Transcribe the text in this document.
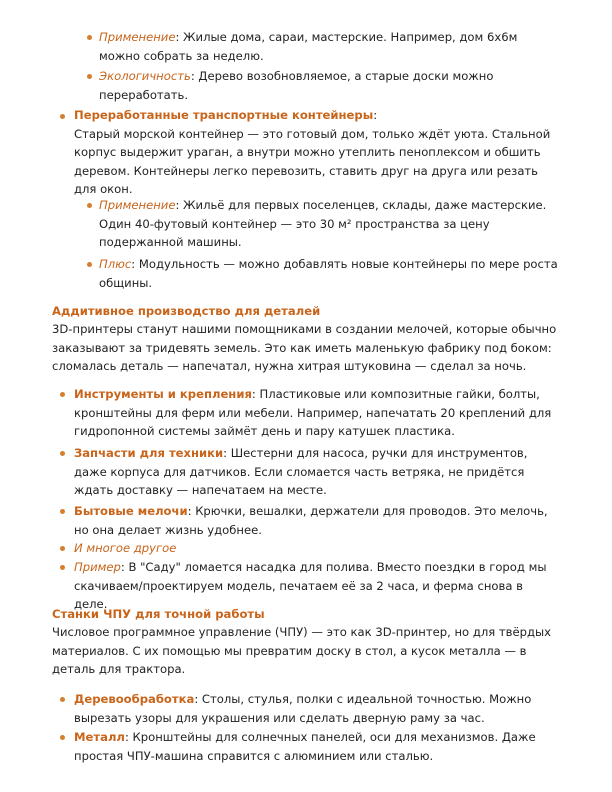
Применение: Жилые дома, сараи, мастерские. Например, дом 6x6м можно собрать за неделю.

Экологичность: Дерево возобновляемое, а старые доски можно переработать.

Переработанные транспортные контейнеры:
Старый морской контейнер — это готовый дом, только ждёт уюта. Стальной корпус выдержит ураган, а внутри можно утеплить пеноплексом и обшить деревом. Контейнеры легко перевозить, ставить друг на друга или резать для окон.

Применение: Жильё для первых поселенцев, склады, даже мастерские. Один 40-футовый контейнер — это 30 м² пространства за цену подержанной машины.

Плюс: Модульность — можно добавлять новые контейнеры по мере роста общины.

Аддитивное производство для деталей

3D-принтеры станут нашими помощниками в создании мелочей, которые обычно заказывают за тридевять земель. Это как иметь маленькую фабрику под боком: сломалась деталь — напечатал, нужна хитрая штуковина — сделал за ночь.

Инструменты и крепления: Пластиковые или композитные гайки, болты, кронштейны для ферм или мебели. Например, напечатать 20 креплений для гидропонной системы займёт день и пару катушек пластика.

Запчасти для техники: Шестерни для насоса, ручки для инструментов, даже корпуса для датчиков. Если сломается часть ветряка, не придётся ждать доставку — напечатаем на месте.

Бытовые мелочи: Крючки, вешалки, держатели для проводов. Это мелочь, но она делает жизнь удобнее.

И многое другое

Пример: В "Саду" ломается насадка для полива. Вместо поездки в город мы скачиваем/проектируем модель, печатаем её за 2 часа, и ферма снова в деле.

Станки ЧПУ для точной работы

Числовое программное управление (ЧПУ) — это как 3D-принтер, но для твёрдых материалов. С их помощью мы превратим доску в стол, а кусок металла — в деталь для трактора.

Деревообработка: Столы, стулья, полки с идеальной точностью. Можно вырезать узоры для украшения или сделать дверную раму за час.

Металл: Кронштейны для солнечных панелей, оси для механизмов. Даже простая ЧПУ-машина справится с алюминием или сталью.
